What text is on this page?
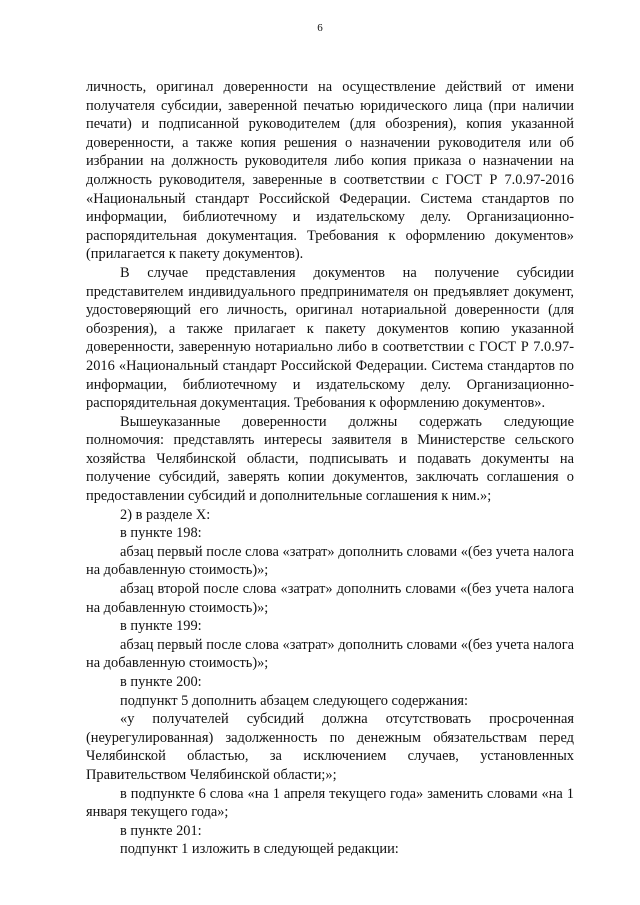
6

личность, оригинал доверенности на осуществление действий от имени получателя субсидии, заверенной печатью юридического лица (при наличии печати) и подписанной руководителем (для обозрения), копия указанной доверенности, а также копия решения о назначении руководителя или об избрании на должность руководителя либо копия приказа о назначении на должность руководителя, заверенные в соответствии с ГОСТ Р 7.0.97-2016 «Национальный стандарт Российской Федерации. Система стандартов по информации, библиотечному и издательскому делу. Организационно-распорядительная документация. Требования к оформлению документов» (прилагается к пакету документов).

В случае представления документов на получение субсидии представителем индивидуального предпринимателя он предъявляет документ, удостоверяющий его личность, оригинал нотариальной доверенности (для обозрения), а также прилагает к пакету документов копию указанной доверенности, заверенную нотариально либо в соответствии с ГОСТ Р 7.0.97-2016 «Национальный стандарт Российской Федерации. Система стандартов по информации, библиотечному и издательскому делу. Организационно-распорядительная документация. Требования к оформлению документов».

Вышеуказанные доверенности должны содержать следующие полномочия: представлять интересы заявителя в Министерстве сельского хозяйства Челябинской области, подписывать и подавать документы на получение субсидий, заверять копии документов, заключать соглашения о предоставлении субсидий и дополнительные соглашения к ним.»;

2) в разделе X:

в пункте 198:

абзац первый после слова «затрат» дополнить словами «(без учета налога на добавленную стоимость)»;

абзац второй после слова «затрат» дополнить словами «(без учета налога на добавленную стоимость)»;

в пункте 199:

абзац первый после слова «затрат» дополнить словами «(без учета налога на добавленную стоимость)»;

в пункте 200:

подпункт 5 дополнить абзацем следующего содержания:

«у получателей субсидий должна отсутствовать просроченная (неурегулированная) задолженность по денежным обязательствам перед Челябинской областью, за исключением случаев, установленных Правительством Челябинской области;»;

в подпункте 6 слова «на 1 апреля текущего года» заменить словами «на 1 января текущего года»;

в пункте 201:

подпункт 1 изложить в следующей редакции:
